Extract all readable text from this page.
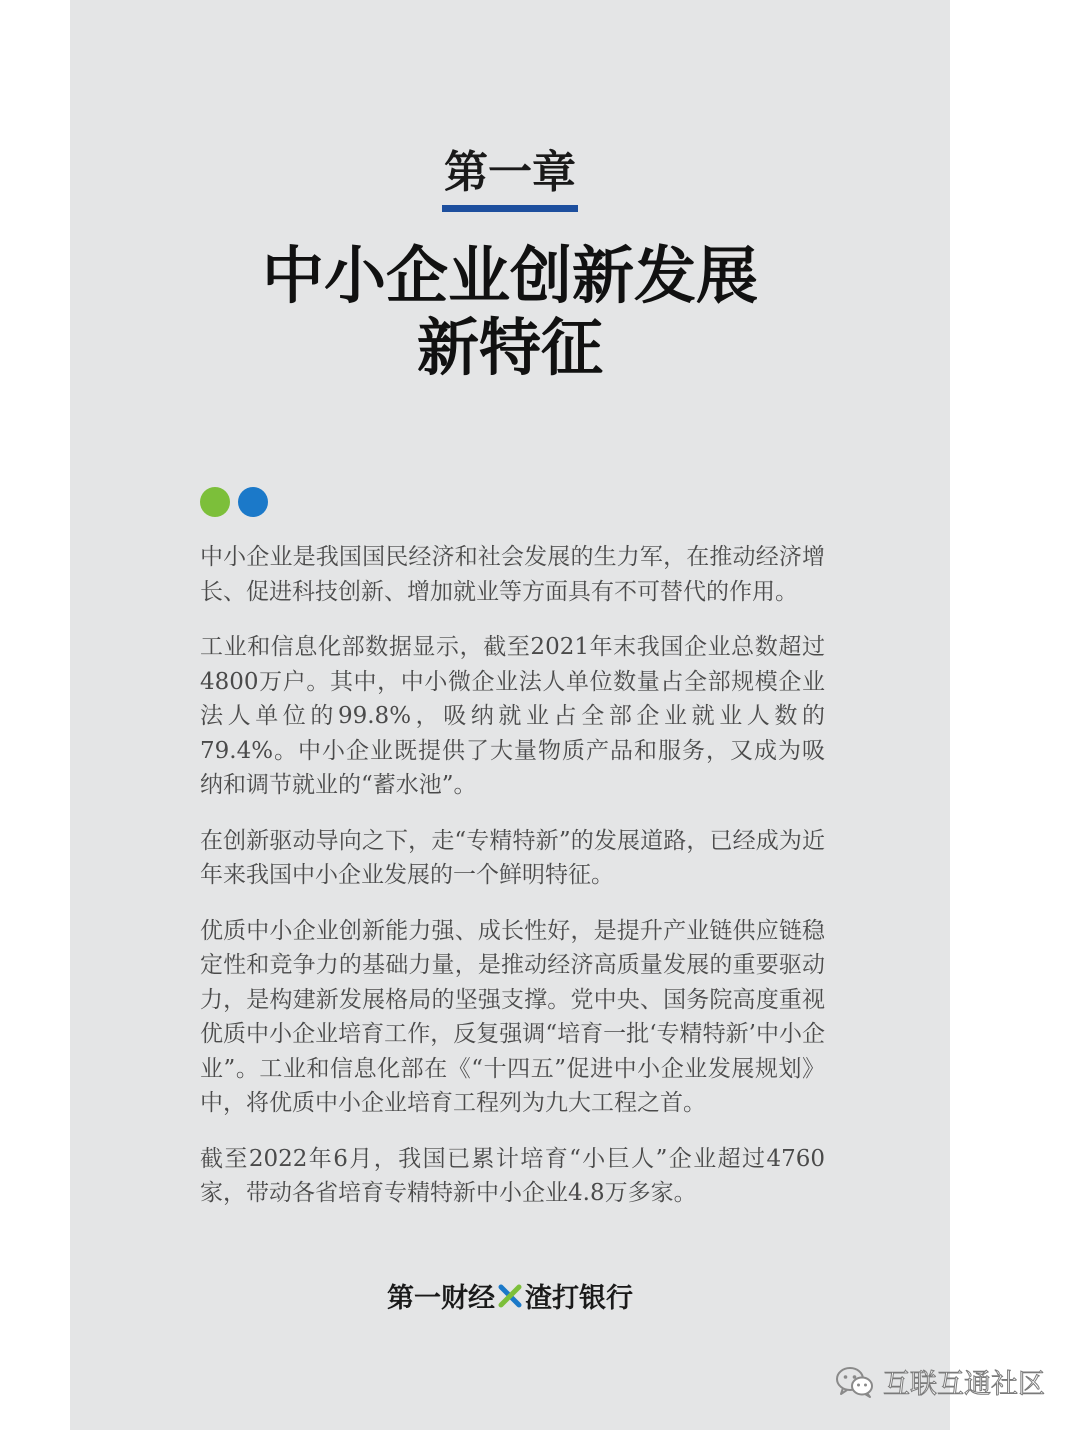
第一章
中小企业创新发展
新特征

中小企业是我国国民经济和社会发展的生力军，在推动经济增长、促进科技创新、增加就业等方面具有不可替代的作用。

工业和信息化部数据显示，截至2021年末我国企业总数超过4800万户。其中，中小微企业法人单位数量占全部规模企业法人单位的99.8%，吸纳就业占全部企业就业人数的79.4%。中小企业既提供了大量物质产品和服务，又成为吸纳和调节就业的“蓄水池”。

在创新驱动导向之下，走“专精特新”的发展道路，已经成为近年来我国中小企业发展的一个鲜明特征。

优质中小企业创新能力强、成长性好，是提升产业链供应链稳定性和竞争力的基础力量，是推动经济高质量发展的重要驱动力，是构建新发展格局的坚强支撑。党中央、国务院高度重视优质中小企业培育工作，反复强调“培育一批‘专精特新’中小企业”。工业和信息化部在《“十四五”促进中小企业发展规划》中，将优质中小企业培育工程列为九大工程之首。

截至2022年6月，我国已累计培育“小巨人”企业超过4760家，带动各省培育专精特新中小企业4.8万多家。

第一财经 渣打银行
互联互通社区
